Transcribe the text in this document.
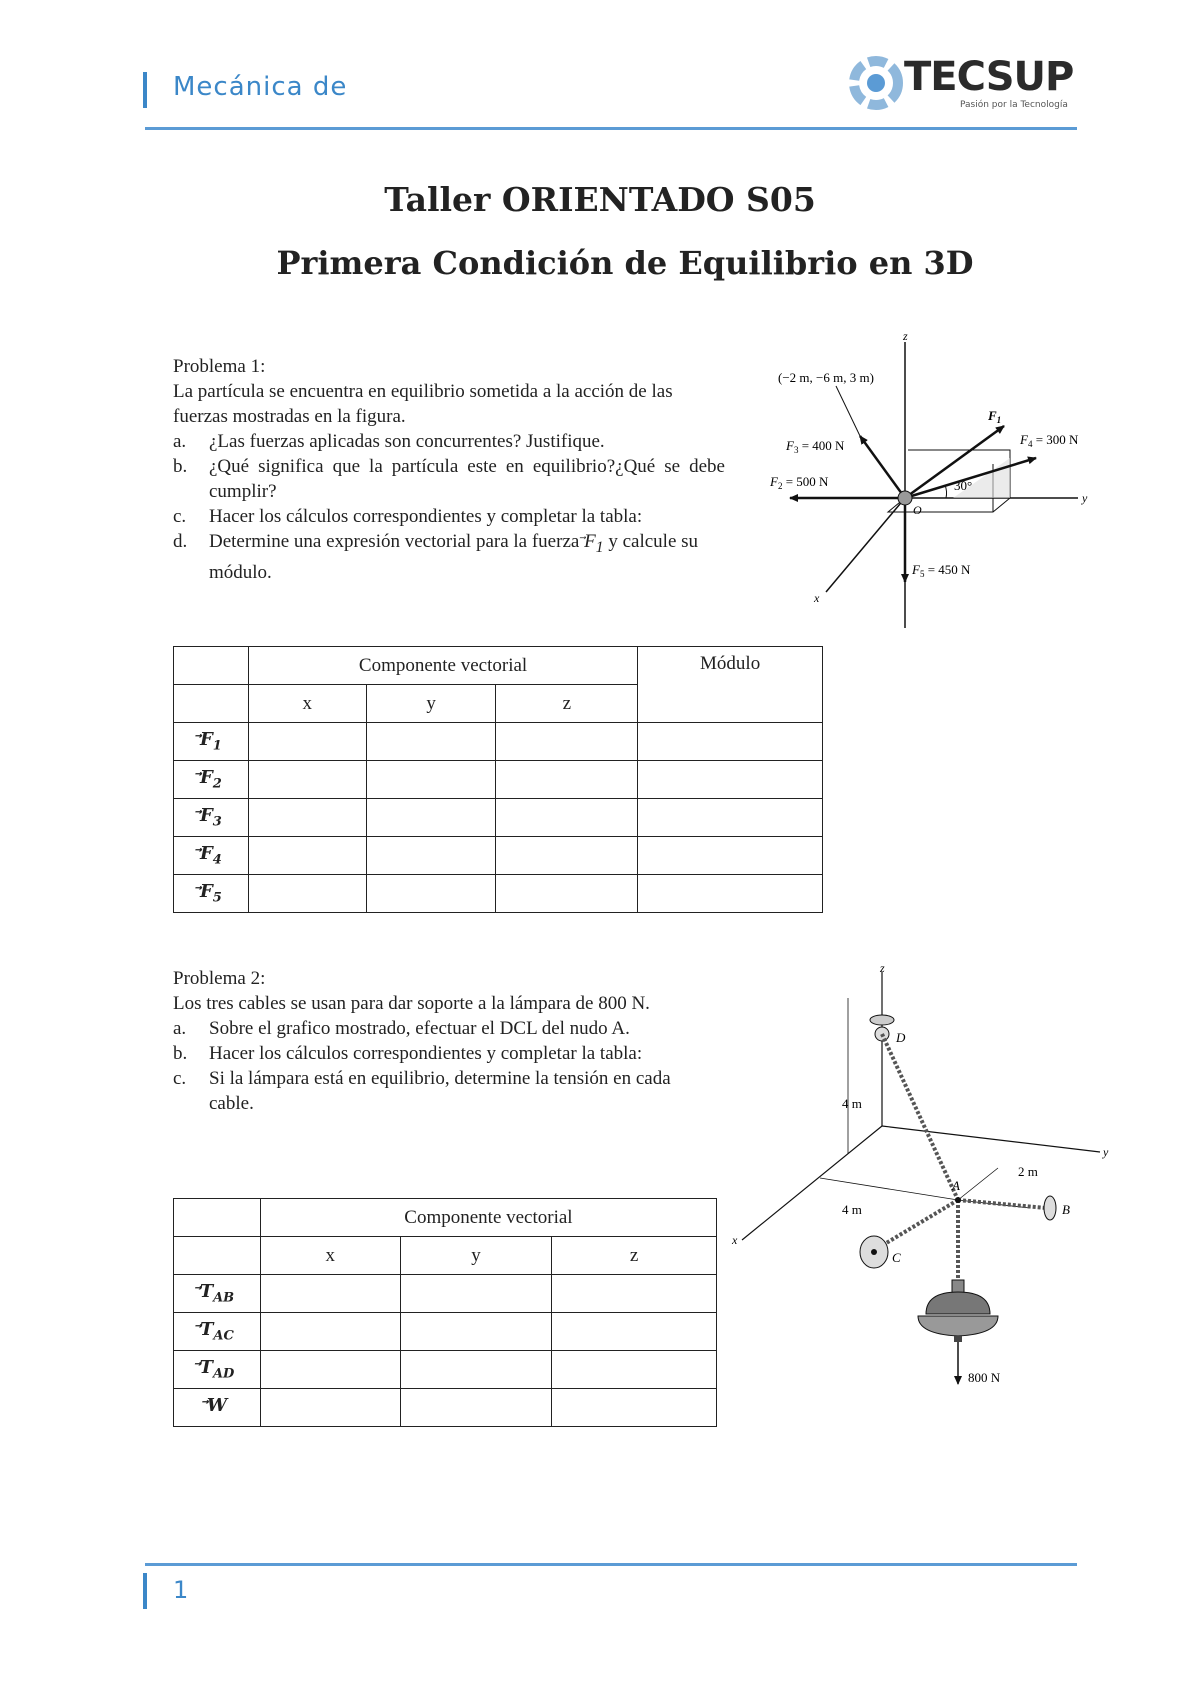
Mecánica de	TECSUP
Pasión por la Tecnología
Taller ORIENTADO S05
Primera Condición de Equilibrio en 3D

Problema 1:

La partícula se encuentra en equilibrio sometida a la acción de las fuerzas mostradas en la figura.

a. ¿Las fuerzas aplicadas son concurrentes? Justifique.
b. ¿Qué significa que la partícula este en equilibrio?¿Qué se debe cumplir?
c. Hacer los cálculos correspondientes y completar la tabla:
d. Determine una expresión vectorial para la fuerza $F_1$ y calcule su módulo.
z
y
x
30°
$F_1$
$F_4 = 300$ N
(−2 m, −6 m, 3 m)
$F_3 = 400$ N
$F_2 = 500$ N
$F_5 = 450$ N
O
	Componente vectorial			Módulo
	x	y	z	
$F_1$				
$F_2$				
$F_3$				
$F_4$				
$F_5$				

Problema 2:

Los tres cables se usan para dar soporte a la lámpara de 800 N.

a. Sobre el grafico mostrado, efectuar el DCL del nudo A.
b. Hacer los cálculos correspondientes y completar la tabla:
c. Si la lámpara está en equilibrio, determine la tensión en cada cable.
z
y
x
4 m
2 m
4 m
D
A
B
C
800 N
	Componente vectorial		
	x	y	z
$T_{AB}$			
$T_{AC}$			
$T_{AD}$			
W			
1
